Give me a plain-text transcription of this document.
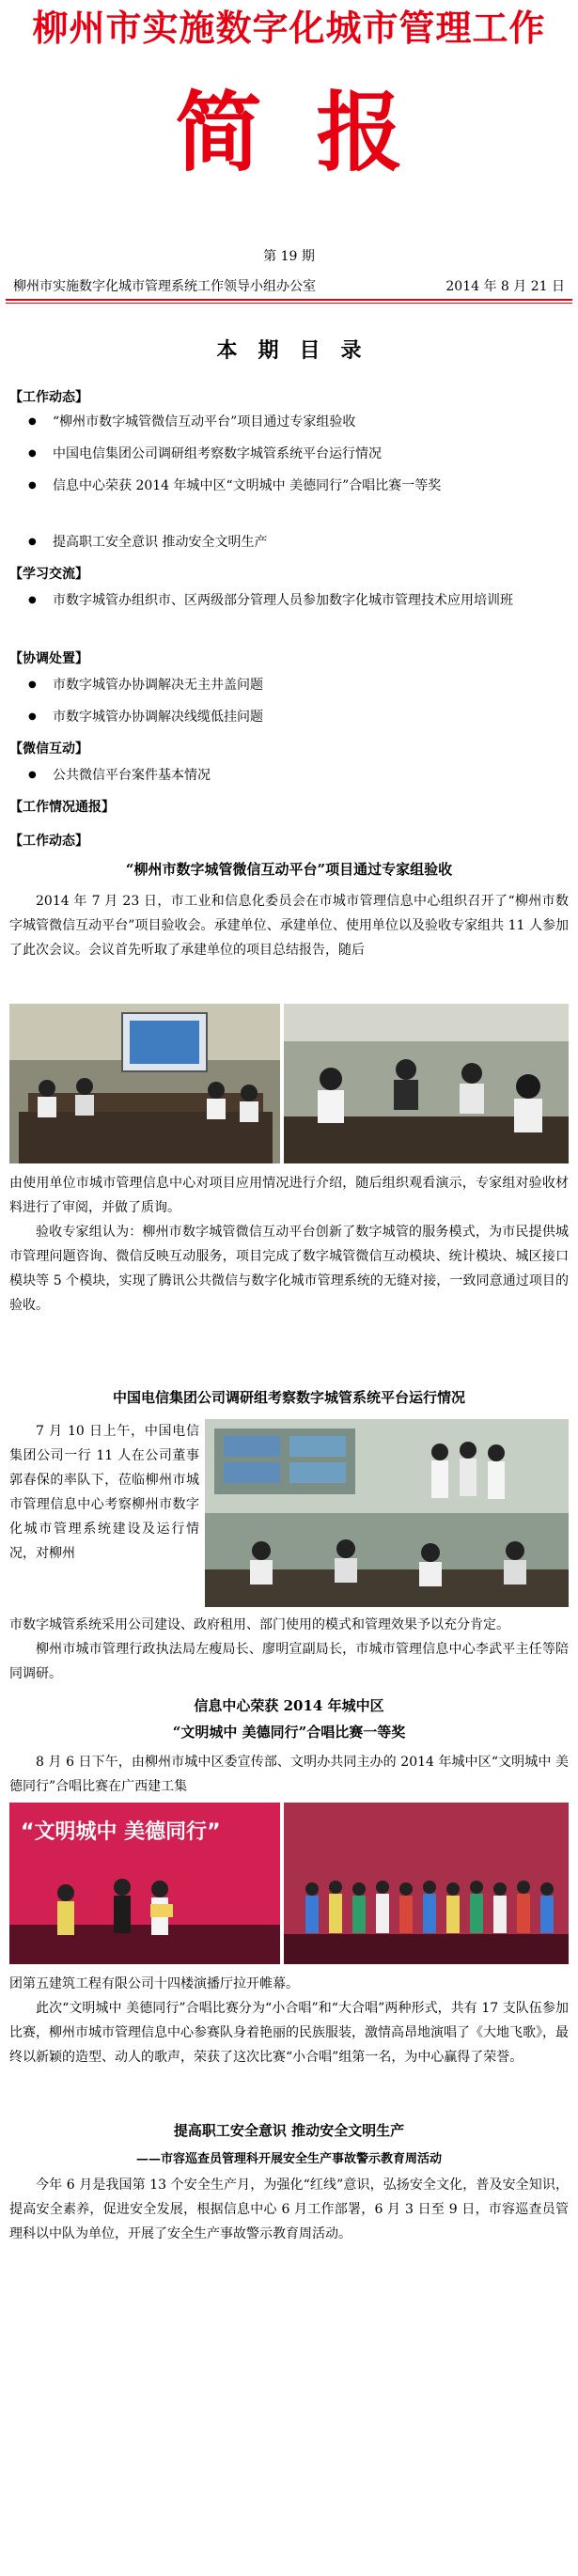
柳州市实施数字化城市管理工作
简报
第 19 期
柳州市实施数字化城市管理系统工作领导小组办公室	2014 年 8 月 21 日
本期目录
【工作动态】
● “柳州市数字城管微信互动平台”项目通过专家组验收
● 中国电信集团公司调研组考察数字城管系统平台运行情况
● 信息中心荣获 2014 年城中区“文明城中 美德同行”合唱比赛一等奖
● 提高职工安全意识 推动安全文明生产
【学习交流】
● 市数字城管办组织市、区两级部分管理人员参加数字化城市管理技术应用培训班
【协调处置】
● 市数字城管办协调解决无主井盖问题
● 市数字城管办协调解决线缆低挂问题
【微信互动】
● 公共微信平台案件基本情况
【工作情况通报】
【工作动态】
“柳州市数字城管微信互动平台”项目通过专家组验收

2014 年 7 月 23 日，市工业和信息化委员会在市城市管理信息中心组织召开了“柳州市数字城管微信互动平台”项目验收会。承建单位、承建单位、使用单位以及验收专家组共 11 人参加了此次会议。会议首先听取了承建单位的项目总结报告，随后

由使用单位市城市管理信息中心对项目应用情况进行介绍，随后组织观看演示，专家组对验收材料进行了审阅，并做了质询。

验收专家组认为：柳州市数字城管微信互动平台创新了数字城管的服务模式，为市民提供城市管理问题咨询、微信反映互动服务，项目完成了数字城管微信互动模块、统计模块、城区接口模块等 5 个模块，实现了腾讯公共微信与数字化城市管理系统的无缝对接，一致同意通过项目的验收。

中国电信集团公司调研组考察数字城管系统平台运行情况

7 月 10 日上午，中国电信集团公司一行 11 人在公司董事郭春保的率队下，莅临柳州市城市管理信息中心考察柳州市数字化城市管理系统建设及运行情况，对柳州

市数字城管系统采用公司建设、政府租用、部门使用的模式和管理效果予以充分肯定。

柳州市城市管理行政执法局左瘦局长、廖明宣副局长，市城市管理信息中心李武平主任等陪同调研。

信息中心荣获 2014 年城中区
“文明城中 美德同行”合唱比赛一等奖

8 月 6 日下午，由柳州市城中区委宣传部、文明办共同主办的 2014 年城中区“文明城中 美德同行”合唱比赛在广西建工集

“文明城中 美德同行”

团第五建筑工程有限公司十四楼演播厅拉开帷幕。

此次“文明城中 美德同行”合唱比赛分为“小合唱”和“大合唱”两种形式，共有 17 支队伍参加比赛，柳州市城市管理信息中心参赛队身着艳丽的民族服装，激情高昂地演唱了《大地飞歌》，最终以新颖的造型、动人的歌声，荣获了这次比赛“小合唱”组第一名，为中心赢得了荣誉。

提高职工安全意识 推动安全文明生产
——市容巡查员管理科开展安全生产事故警示教育周活动

今年 6 月是我国第 13 个安全生产月，为强化“红线”意识，弘扬安全文化，普及安全知识，提高安全素养，促进安全发展，根据信息中心 6 月工作部署，6 月 3 日至 9 日，市容巡查员管理科以中队为单位，开展了安全生产事故警示教育周活动。
